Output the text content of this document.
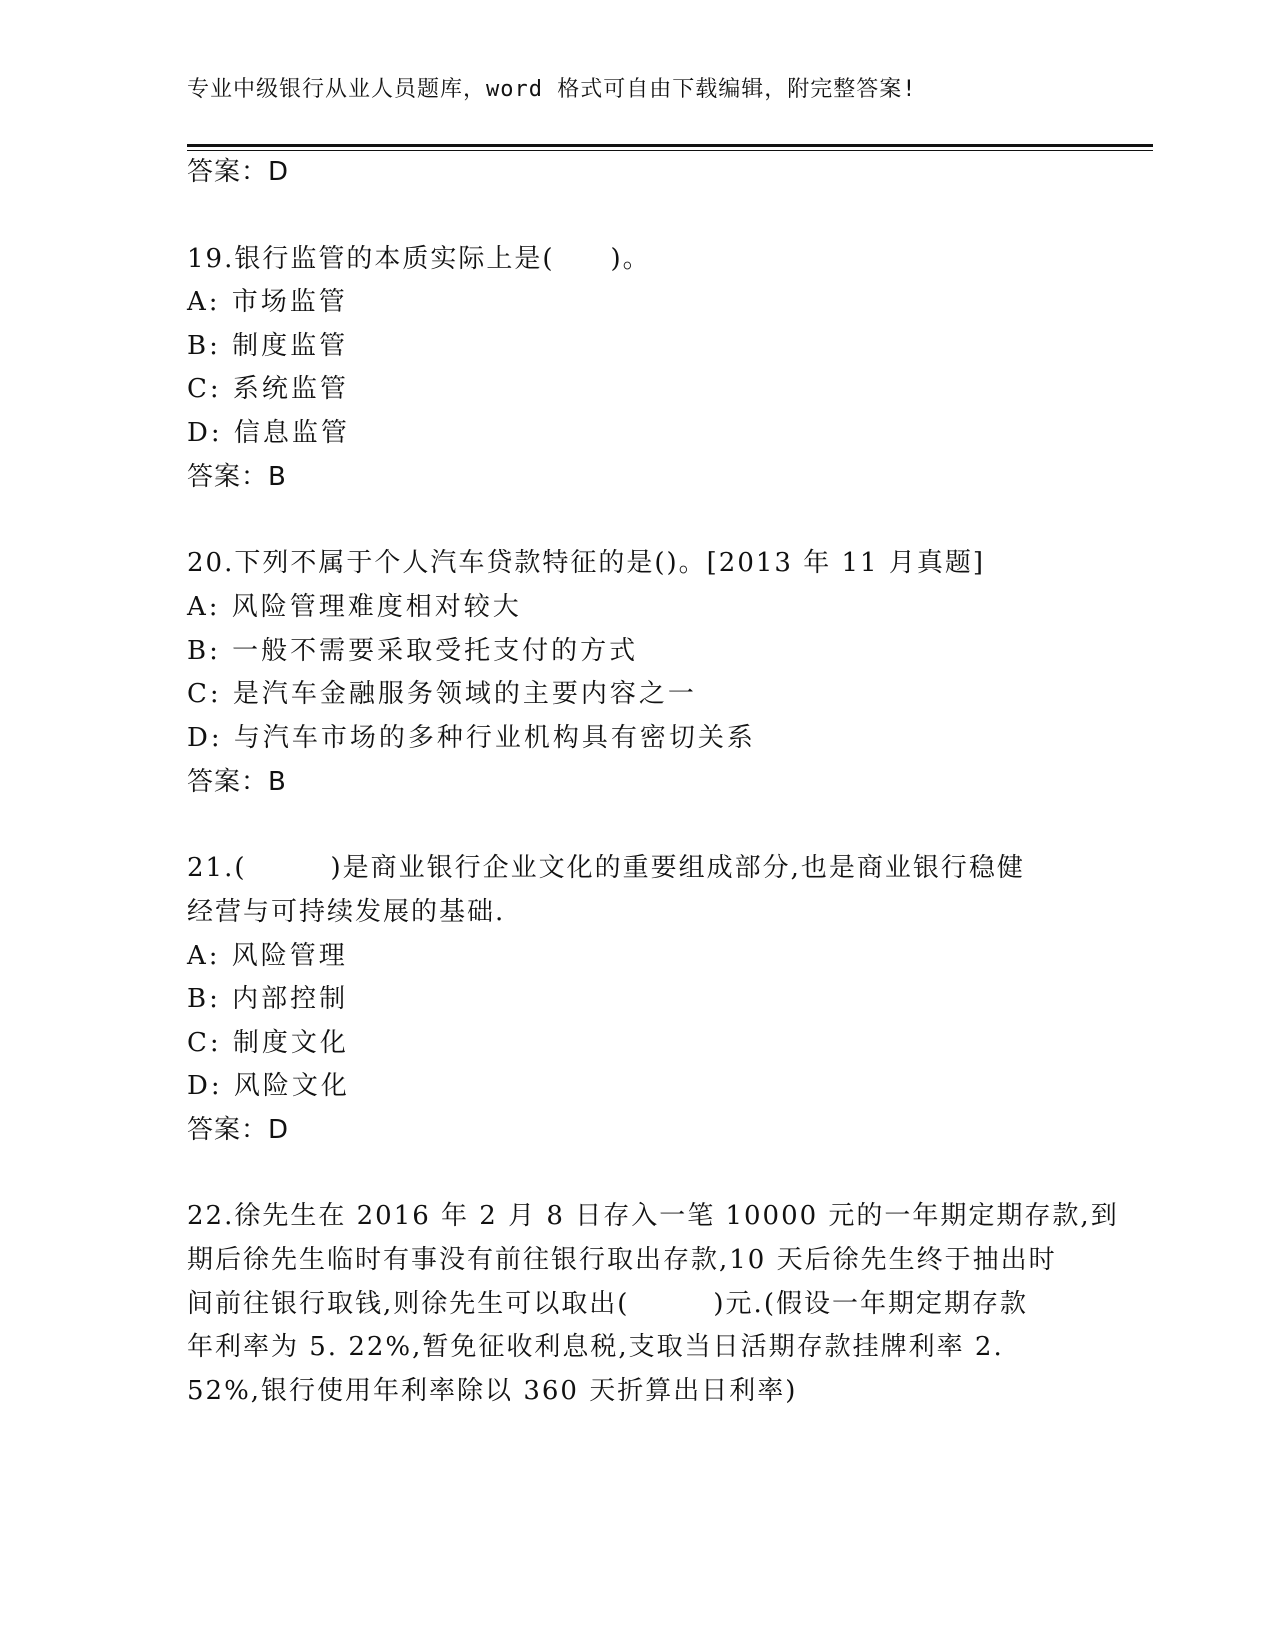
专业中级银行从业人员题库，word 格式可自由下载编辑，附完整答案!
答案：D
19.银行监管的本质实际上是(　　)。
A: 市场监管
B: 制度监管
C: 系统监管
D: 信息监管
答案：B
20.下列不属于个人汽车贷款特征的是()。[2013 年 11 月真题]
A: 风险管理难度相对较大
B: 一般不需要采取受托支付的方式
C: 是汽车金融服务领域的主要内容之一
D: 与汽车市场的多种行业机构具有密切关系
答案：B
21.(　　　)是商业银行企业文化的重要组成部分,也是商业银行稳健
经营与可持续发展的基础.
A: 风险管理
B: 内部控制
C: 制度文化
D: 风险文化
答案：D
22.徐先生在 2016 年 2 月 8 日存入一笔 10000 元的一年期定期存款,到
期后徐先生临时有事没有前往银行取出存款,10 天后徐先生终于抽出时
间前往银行取钱,则徐先生可以取出(　　　)元.(假设一年期定期存款
年利率为 5. 22%,暂免征收利息税,支取当日活期存款挂牌利率 2.
52%,银行使用年利率除以 360 天折算出日利率)
